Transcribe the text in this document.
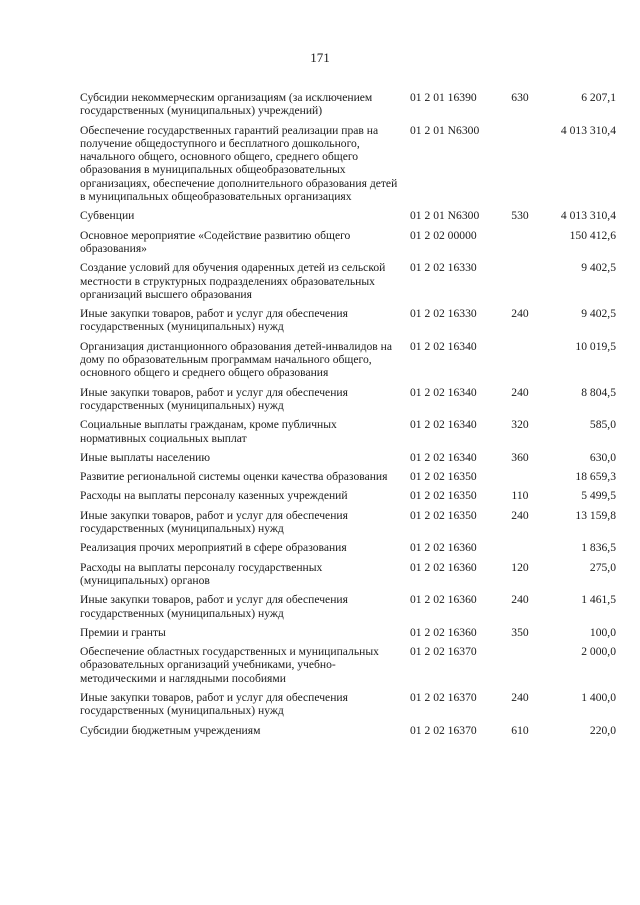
171
Субсидии некоммерческим организациям (за исключением государственных (муниципальных) учреждений)	01 2 01 16390	630	6 207,1
Обеспечение государственных гарантий реализации прав на получение общедоступного и бесплатного дошкольного, начального общего, основного общего, среднего общего образования в муниципальных общеобразовательных организациях, обеспечение дополнительного образования детей в муниципальных общеобразовательных организациях	01 2 01 N6300		4 013 310,4
Субвенции	01 2 01 N6300	530	4 013 310,4
Основное мероприятие «Содействие развитию общего образования»	01 2 02 00000		150 412,6
Создание условий для обучения одаренных детей из сельской местности в структурных подразделениях образовательных организаций высшего образования	01 2 02 16330		9 402,5
Иные закупки товаров, работ и услуг для обеспечения государственных (муниципальных) нужд	01 2 02 16330	240	9 402,5
Организация дистанционного образования детей-инвалидов на дому по образовательным программам начального общего, основного общего и среднего общего образования	01 2 02 16340		10 019,5
Иные закупки товаров, работ и услуг для обеспечения государственных (муниципальных) нужд	01 2 02 16340	240	8 804,5
Социальные выплаты гражданам, кроме публичных нормативных социальных выплат	01 2 02 16340	320	585,0
Иные выплаты населению	01 2 02 16340	360	630,0
Развитие региональной системы оценки качества образования	01 2 02 16350		18 659,3
Расходы на выплаты персоналу казенных учреждений	01 2 02 16350	110	5 499,5
Иные закупки товаров, работ и услуг для обеспечения государственных (муниципальных) нужд	01 2 02 16350	240	13 159,8
Реализация прочих мероприятий в сфере образования	01 2 02 16360		1 836,5
Расходы на выплаты персоналу государственных (муниципальных) органов	01 2 02 16360	120	275,0
Иные закупки товаров, работ и услуг для обеспечения государственных (муниципальных) нужд	01 2 02 16360	240	1 461,5
Премии и гранты	01 2 02 16360	350	100,0
Обеспечение областных государственных и муниципальных образовательных организаций учебниками, учебно-методическими и наглядными пособиями	01 2 02 16370		2 000,0
Иные закупки товаров, работ и услуг для обеспечения государственных (муниципальных) нужд	01 2 02 16370	240	1 400,0
Субсидии бюджетным учреждениям	01 2 02 16370	610	220,0
